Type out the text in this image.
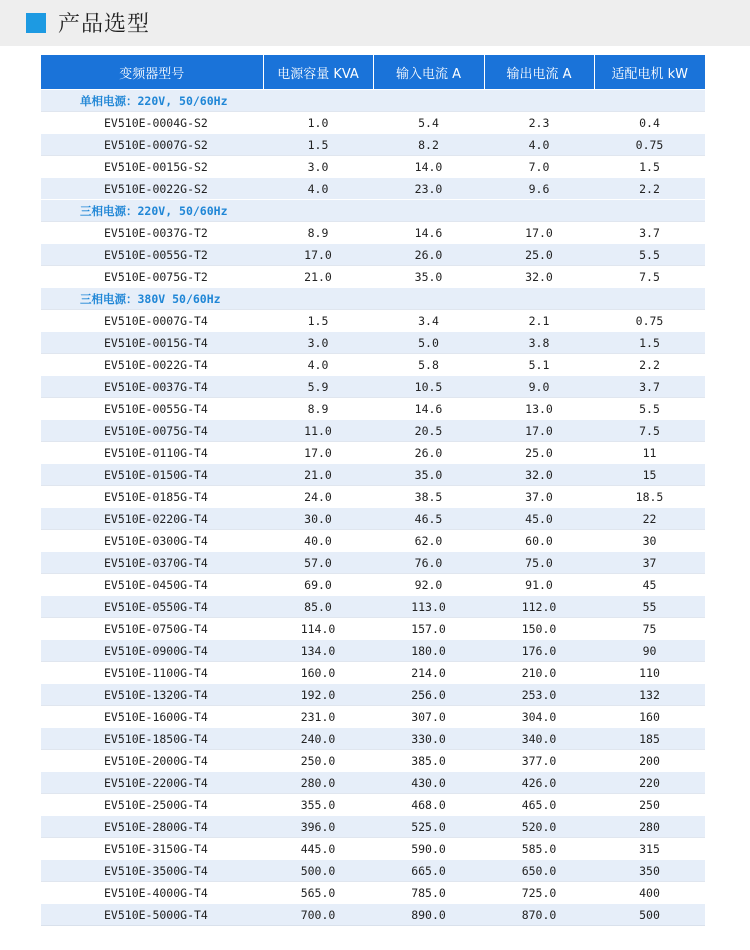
产品选型
变频器型号	电源容量 KVA	输入电流 A	输出电流 A	适配电机 kW
单相电源：220V, 50/60Hz				
EV510E-0004G-S2	1.0	5.4	2.3	0.4
EV510E-0007G-S2	1.5	8.2	4.0	0.75
EV510E-0015G-S2	3.0	14.0	7.0	1.5
EV510E-0022G-S2	4.0	23.0	9.6	2.2
三相电源：220V, 50/60Hz				
EV510E-0037G-T2	8.9	14.6	17.0	3.7
EV510E-0055G-T2	17.0	26.0	25.0	5.5
EV510E-0075G-T2	21.0	35.0	32.0	7.5
三相电源：380V 50/60Hz				
EV510E-0007G-T4	1.5	3.4	2.1	0.75
EV510E-0015G-T4	3.0	5.0	3.8	1.5
EV510E-0022G-T4	4.0	5.8	5.1	2.2
EV510E-0037G-T4	5.9	10.5	9.0	3.7
EV510E-0055G-T4	8.9	14.6	13.0	5.5
EV510E-0075G-T4	11.0	20.5	17.0	7.5
EV510E-0110G-T4	17.0	26.0	25.0	11
EV510E-0150G-T4	21.0	35.0	32.0	15
EV510E-0185G-T4	24.0	38.5	37.0	18.5
EV510E-0220G-T4	30.0	46.5	45.0	22
EV510E-0300G-T4	40.0	62.0	60.0	30
EV510E-0370G-T4	57.0	76.0	75.0	37
EV510E-0450G-T4	69.0	92.0	91.0	45
EV510E-0550G-T4	85.0	113.0	112.0	55
EV510E-0750G-T4	114.0	157.0	150.0	75
EV510E-0900G-T4	134.0	180.0	176.0	90
EV510E-1100G-T4	160.0	214.0	210.0	110
EV510E-1320G-T4	192.0	256.0	253.0	132
EV510E-1600G-T4	231.0	307.0	304.0	160
EV510E-1850G-T4	240.0	330.0	340.0	185
EV510E-2000G-T4	250.0	385.0	377.0	200
EV510E-2200G-T4	280.0	430.0	426.0	220
EV510E-2500G-T4	355.0	468.0	465.0	250
EV510E-2800G-T4	396.0	525.0	520.0	280
EV510E-3150G-T4	445.0	590.0	585.0	315
EV510E-3500G-T4	500.0	665.0	650.0	350
EV510E-4000G-T4	565.0	785.0	725.0	400
EV510E-5000G-T4	700.0	890.0	870.0	500
